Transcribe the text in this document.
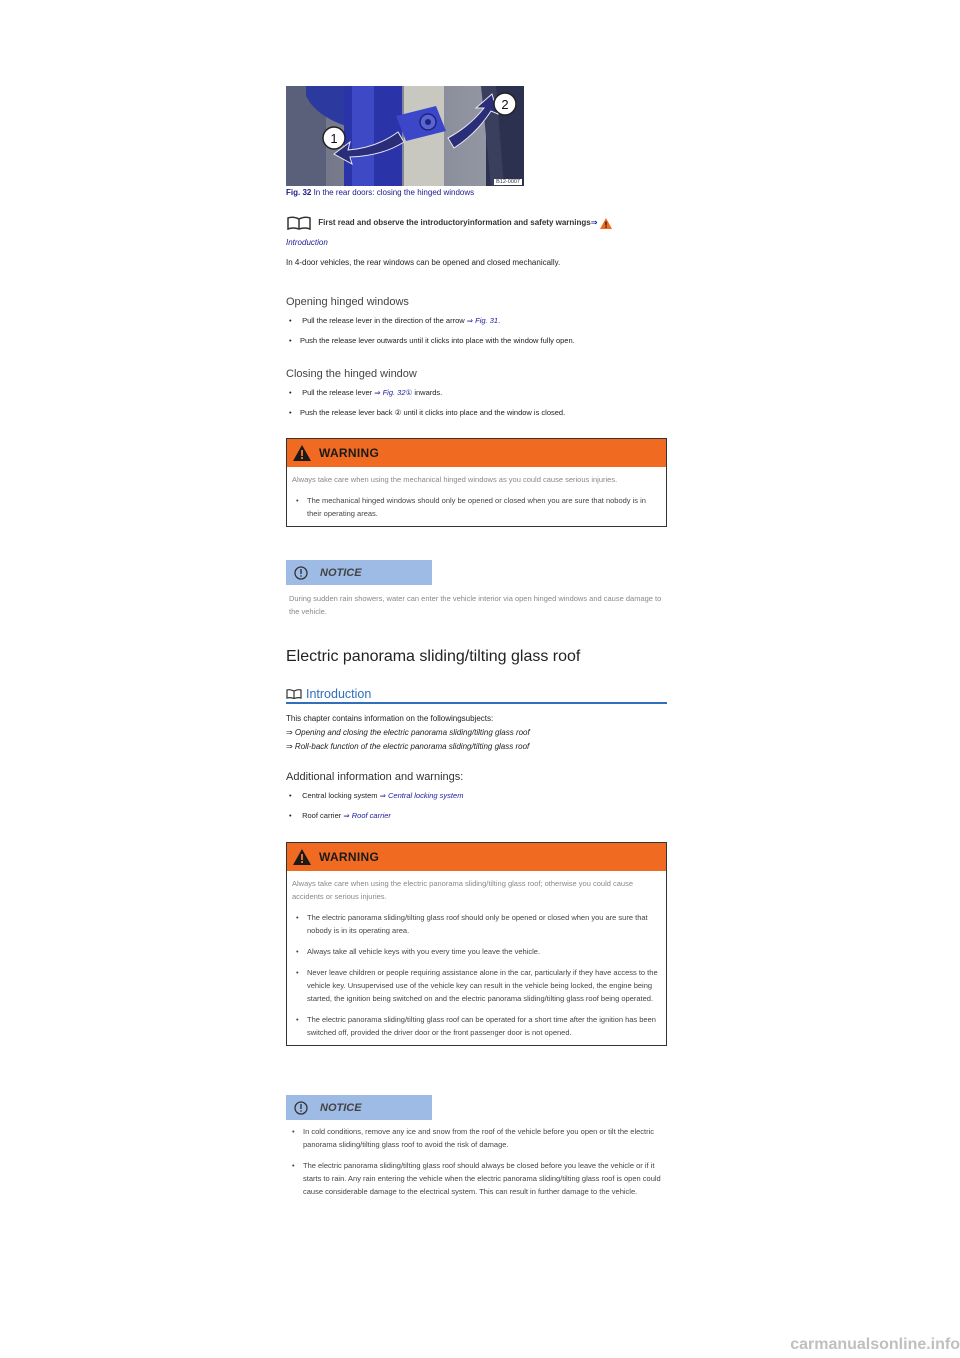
1
2
B12-0007
Fig. 32 In the rear doors: closing the hinged windows
First read and observe the introductoryinformation and safety warnings⇒
Introduction
In 4-door vehicles, the rear windows can be opened and closed mechanically.
Opening hinged windows
• Pull the release lever in the direction of the arrow ⇒ Fig. 31.
• Push the release lever outwards until it clicks into place with the window fully open.
Closing the hinged window
• Pull the release lever ⇒ Fig. 32① inwards.
• Push the release lever back ② until it clicks into place and the window is closed.
WARNING
Always take care when using the mechanical hinged windows as you could cause serious injuries.
• The mechanical hinged windows should only be opened or closed when you are sure that nobody is in their operating areas.
NOTICE
During sudden rain showers, water can enter the vehicle interior via open hinged windows and cause damage to the vehicle.
Electric panorama sliding/tilting glass roof
Introduction
This chapter contains information on the followingsubjects:
⇒ Opening and closing the electric panorama sliding/tilting glass roof
⇒ Roll-back function of the electric panorama sliding/tilting glass roof
Additional information and warnings:
• Central locking system ⇒ Central locking system
• Roof carrier ⇒ Roof carrier
WARNING
Always take care when using the electric panorama sliding/tilting glass roof; otherwise you could cause accidents or serious injuries.
• The electric panorama sliding/tilting glass roof should only be opened or closed when you are sure that nobody is in its operating area.
• Always take all vehicle keys with you every time you leave the vehicle.
• Never leave children or people requiring assistance alone in the car, particularly if they have access to the vehicle key. Unsupervised use of the vehicle key can result in the vehicle being locked, the engine being started, the ignition being switched on and the electric panorama sliding/tilting glass roof being operated.
• The electric panorama sliding/tilting glass roof can be operated for a short time after the ignition has been switched off, provided the driver door or the front passenger door is not opened.
NOTICE
• In cold conditions, remove any ice and snow from the roof of the vehicle before you open or tilt the electric panorama sliding/tilting glass roof to avoid the risk of damage.
• The electric panorama sliding/tilting glass roof should always be closed before you leave the vehicle or if it starts to rain. Any rain entering the vehicle when the electric panorama sliding/tilting glass roof is open could cause considerable damage to the electrical system. This can result in further damage to the vehicle.
carmanualsonline.info
